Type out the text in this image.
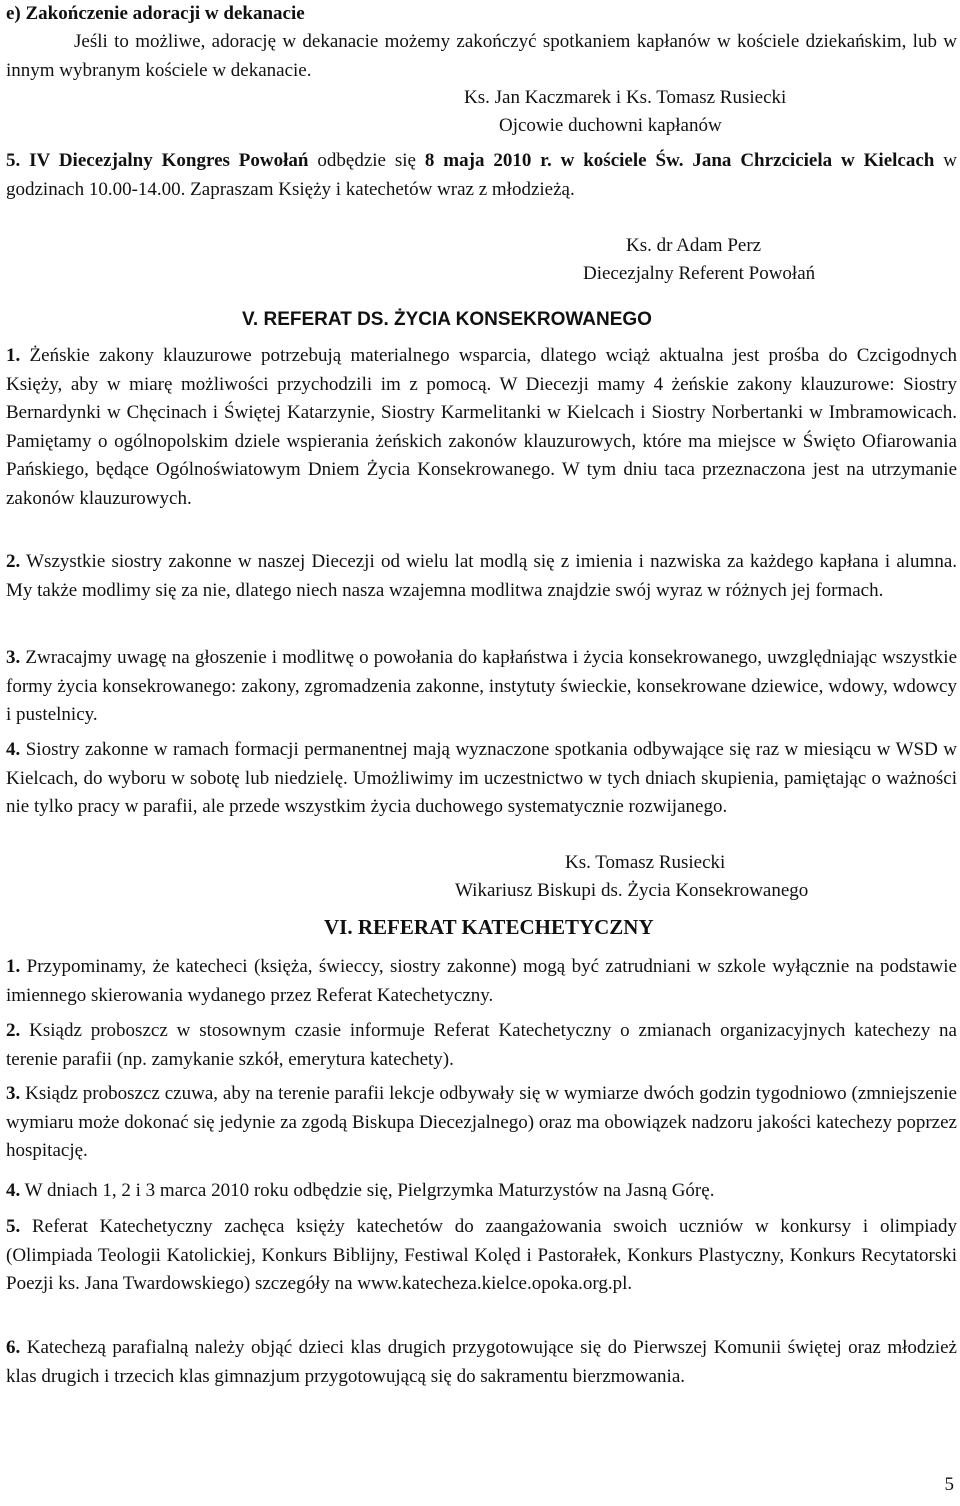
e) Zakończenie adoracji w dekanacie
Jeśli to możliwe, adorację w dekanacie możemy zakończyć spotkaniem kapłanów w kościele dziekańskim, lub w innym wybranym kościele w dekanacie.
Ks. Jan Kaczmarek i Ks. Tomasz Rusiecki
Ojcowie duchowni kapłanów
5. IV Diecezjalny Kongres Powołań odbędzie się 8 maja 2010 r. w kościele Św. Jana Chrzciciela w Kielcach w godzinach 10.00-14.00. Zapraszam Księży i katechetów wraz z młodzieżą.
Ks. dr Adam Perz
Diecezjalny Referent Powołań
V. REFERAT DS. ŻYCIA KONSEKROWANEGO
1. Żeńskie zakony klauzurowe potrzebują materialnego wsparcia, dlatego wciąż aktualna jest prośba do Czcigodnych Księży, aby w miarę możliwości przychodzili im z pomocą. W Diecezji mamy 4 żeńskie zakony klauzurowe: Siostry Bernardynki w Chęcinach i Świętej Katarzynie, Siostry Karmelitanki w Kielcach i Siostry Norbertanki w Imbramowicach. Pamiętamy o ogólnopolskim dziele wspierania żeńskich zakonów klauzurowych, które ma miejsce w Święto Ofiarowania Pańskiego, będące Ogólnoświatowym Dniem Życia Konsekrowanego. W tym dniu taca przeznaczona jest na utrzymanie zakonów klauzurowych.
2. Wszystkie siostry zakonne w naszej Diecezji od wielu lat modlą się z imienia i nazwiska za każdego kapłana i alumna. My także modlimy się za nie, dlatego niech nasza wzajemna modlitwa znajdzie swój wyraz w różnych jej formach.
3. Zwracajmy uwagę na głoszenie i modlitwę o powołania do kapłaństwa i życia konsekrowanego, uwzględniając wszystkie formy życia konsekrowanego: zakony, zgromadzenia zakonne, instytuty świeckie, konsekrowane dziewice, wdowy, wdowcy i pustelnicy.
4. Siostry zakonne w ramach formacji permanentnej mają wyznaczone spotkania odbywające się raz w miesiącu w WSD w Kielcach, do wyboru w sobotę lub niedzielę. Umożliwimy im uczestnictwo w tych dniach skupienia, pamiętając o ważności nie tylko pracy w parafii, ale przede wszystkim życia duchowego systematycznie rozwijanego.
Ks. Tomasz Rusiecki
Wikariusz Biskupi ds. Życia Konsekrowanego
VI. REFERAT KATECHETYCZNY
1. Przypominamy, że katecheci (księża, świeccy, siostry zakonne) mogą być zatrudniani w szkole wyłącznie na podstawie imiennego skierowania wydanego przez Referat Katechetyczny.
2. Ksiądz proboszcz w stosownym czasie informuje Referat Katechetyczny o zmianach organizacyjnych katechezy na terenie parafii (np. zamykanie szkół, emerytura katechety).
3. Ksiądz proboszcz czuwa, aby na terenie parafii lekcje odbywały się w wymiarze dwóch godzin tygodniowo (zmniejszenie wymiaru może dokonać się jedynie za zgodą Biskupa Diecezjalnego) oraz ma obowiązek nadzoru jakości katechezy poprzez hospitację.
4. W dniach 1, 2 i 3 marca 2010 roku odbędzie się, Pielgrzymka Maturzystów na Jasną Górę.
5. Referat Katechetyczny zachęca księży katechetów do zaangażowania swoich uczniów w konkursy i olimpiady (Olimpiada Teologii Katolickiej, Konkurs Biblijny, Festiwal Kolęd i Pastorałek, Konkurs Plastyczny, Konkurs Recytatorski Poezji ks. Jana Twardowskiego) szczegóły na www.katecheza.kielce.opoka.org.pl.
6. Katechezą parafialną należy objąć dzieci klas drugich przygotowujące się do Pierwszej Komunii świętej oraz młodzież klas drugich i trzecich klas gimnazjum przygotowującą się do sakramentu bierzmowania.
5
